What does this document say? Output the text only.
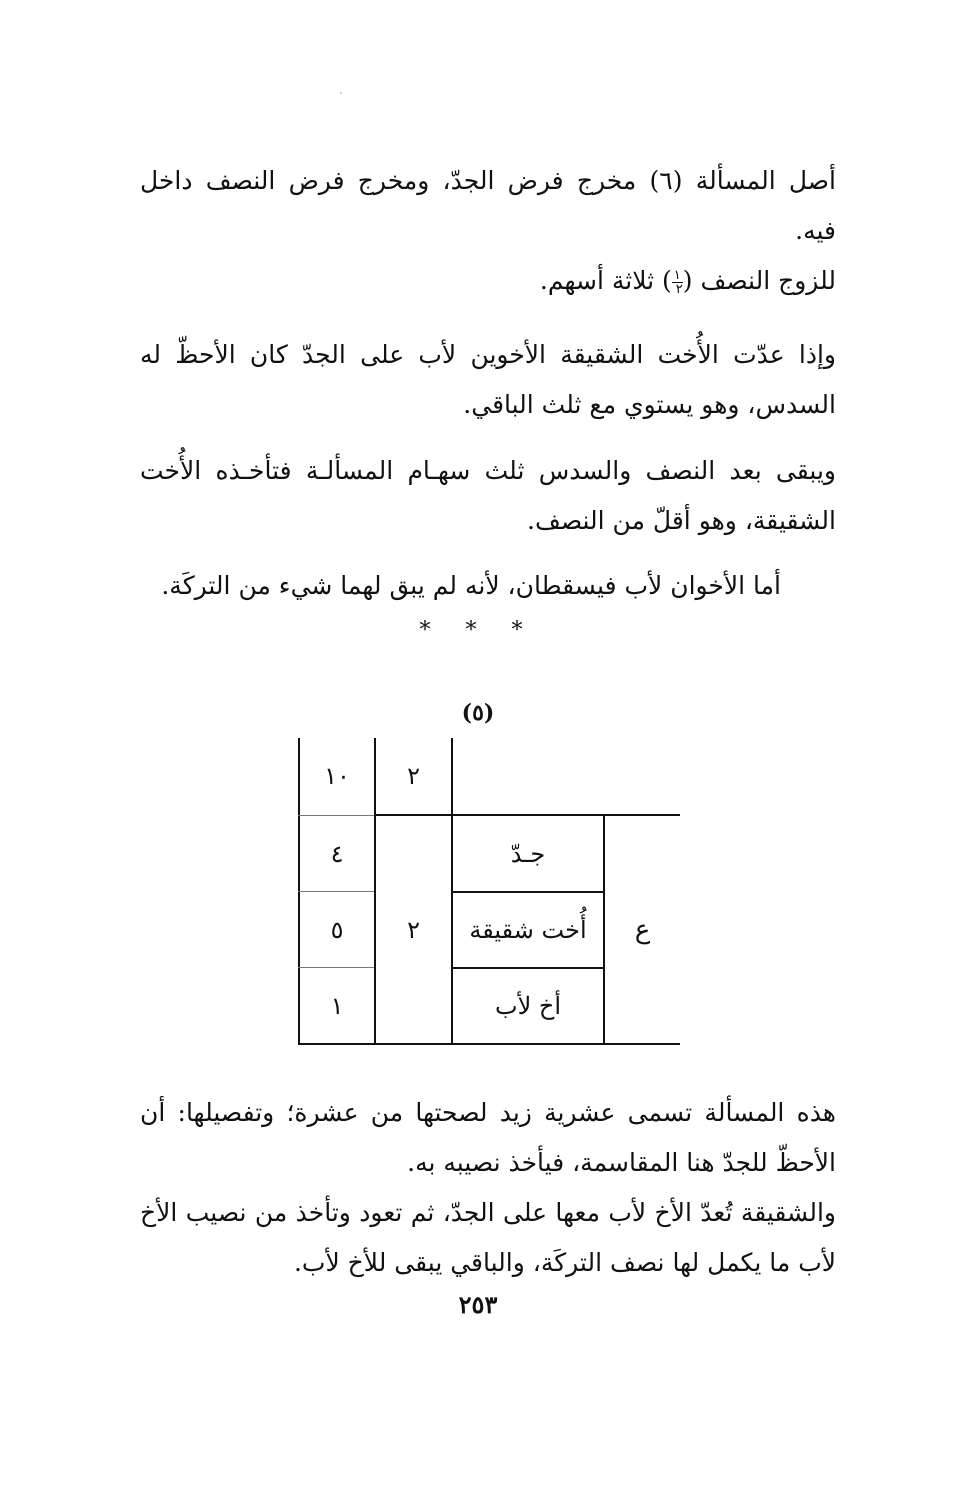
أصل المسألة (٦) مخرج فرض الجدّ، ومخرج فرض النصف داخل فيه.

للزوج النصف (
$\frac{١}{٢}$
) ثلاثة أسهم.

وإذا عدّت الأُخت الشقيقة الأخوين لأب على الجدّ كان الأحظّ له السدس، وهو يستوي مع ثلث الباقي.

ويبقى بعد النصف والسدس ثلث سهـام المسألـة فتأخـذه الأُخت الشقيقة، وهو أقلّ من النصف.

أما الأخوان لأب فيسقطان، لأنه لم يبق لهما شيء من التركَة.

* * *
(٥)
١٠	٢
جـدّ
أُخت شقيقة
أخ لأب
٤
٥
١
٢	ع

هذه المسألة تسمى عشرية زيد لصحتها من عشرة؛ وتفصيلها: أن الأحظّ للجدّ هنا المقاسمة، فيأخذ نصيبه به.

والشقيقة تُعدّ الأخ لأب معها على الجدّ، ثم تعود وتأخذ من نصيب الأخ لأب ما يكمل لها نصف التركَة، والباقي يبقى للأخ لأب.

٢٥٣
